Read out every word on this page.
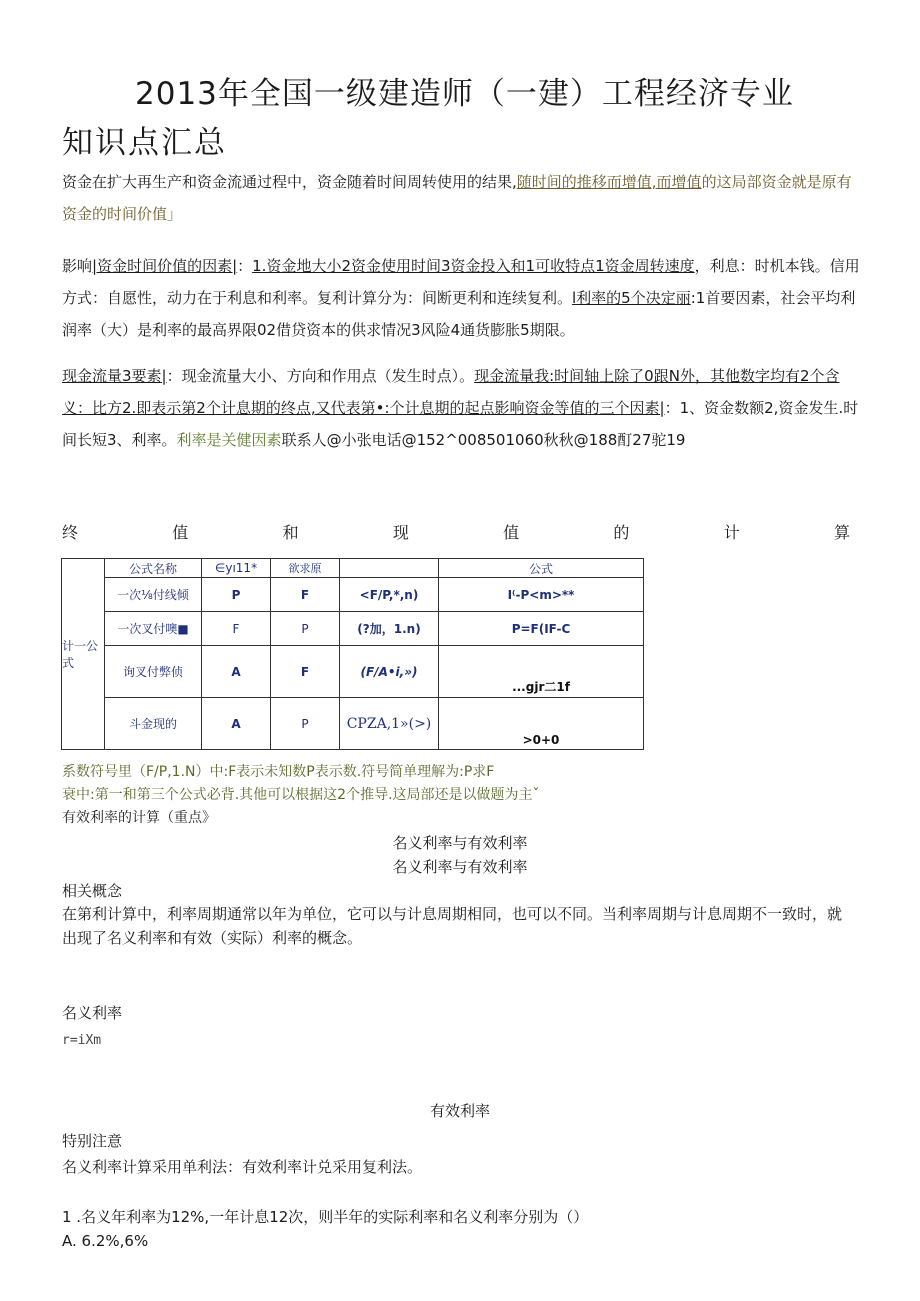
2013年全国一级建造师（一建）工程经济专业
知识点汇总
资金在扩大再生产和资金流通过程中，资金随着时间周转使用的结果,随时间的推移而增值,而增值的这局部资金就是原有资金的时间价值」
影响|资金时间价值的因素|：1.资金地大小2资金使用时间3资金投入和1可收特点1资金周转速度，利息：时机本钱。信用方式：自愿性，动力在于利息和利率。复利计算分为：间断更利和连续复利。l利率的5个决定丽:1首要因素，社会平均利润率（大）是利率的最高界限02借贷资本的供求情况3风险4通货膨胀5期限。
现金流量3要素|：现金流量大小、方向和作用点（发生时点）。现金流量我:时间轴上除了0跟N外，其他数字均有2个含义：比方2.即表示第2个计息期的终点,又代表第•:个计息期的起点影响资金等值的三个因素|：1、资金数额2,资金发生.时间长短3、利率。利率是关健因素联系人@小张电话@152^008501060秋秋@188酊27驼19
终	值	和	现	值	的	计	算
计一公式	公式名称	∈yı11*	欲求原		公式
	一次⅛付线倾	P	F	<F/P,*,n)	I⁽-P<m>**
	一次叉付噢■	F	P	(?加，1.n)	P=F(IF-C
	询叉付弊侦	A	F	(F/A•i,»)	...gjr二1f
	斗金现的	A	P	CPZA,1»(>)	>0+0
系数符号里（F/P,1.N）中:F表示未知数P表示数.符号简单理解为:P求F
衰中:第一和第三个公式必背.其他可以根据这2个推导.这局部还是以做题为主ˇ
有效利率的计算（重点》
名义利率与有效利率
名义利率与有效利率
相关概念
在第利计算中，利率周期通常以年为单位，它可以与计息周期相同，也可以不同。当利率周期与计息周期不一致时，就出现了名义利率和有效（实际）利率的概念。
名义利率
r=iXm
有效利率
特别注意
名义利率计算采用单利法：有效利率计兑采用复利法。
1 .名义年利率为12%,一年计息12次，则半年的实际利率和名义利率分别为（）
A. 6.2%,6%
